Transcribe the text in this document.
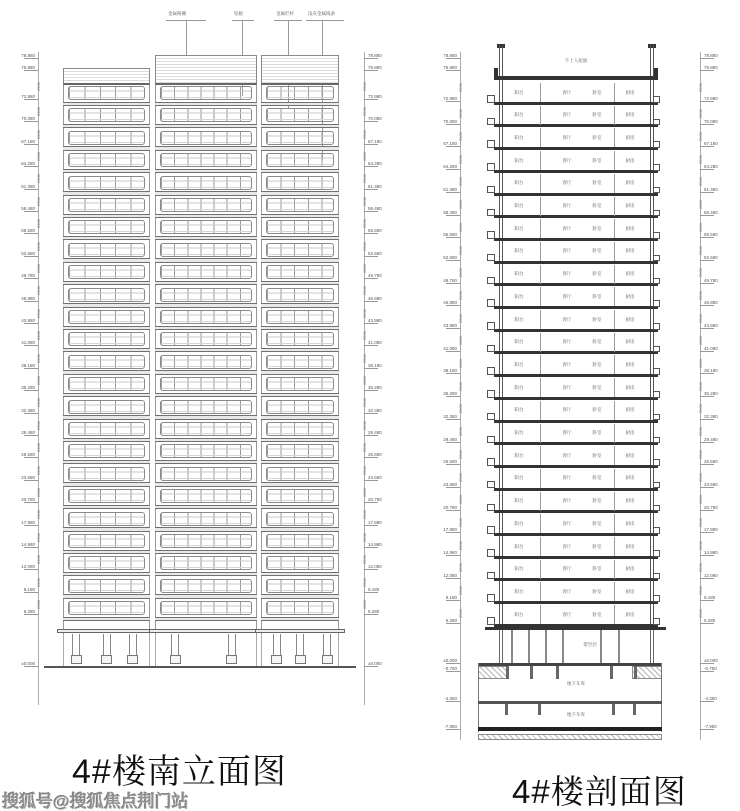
金属格栅	铝板	金属栏杆	浅灰金属线条
不上人屋面
架空层
地下车库
地下车库
4#楼南立面图
4#楼剖面图
搜狐号@搜狐焦点荆门站
阳台	客厅	卧室	厨房
阳台	客厅	卧室	厨房
阳台	客厅	卧室	厨房
阳台	客厅	卧室	厨房
阳台	客厅	卧室	厨房
阳台	客厅	卧室	厨房
阳台	客厅	卧室	厨房
阳台	客厅	卧室	厨房
阳台	客厅	卧室	厨房
阳台	客厅	卧室	厨房
阳台	客厅	卧室	厨房
阳台	客厅	卧室	厨房
阳台	客厅	卧室	厨房
阳台	客厅	卧室	厨房
阳台	客厅	卧室	厨房
阳台	客厅	卧室	厨房
阳台	客厅	卧室	厨房
阳台	客厅	卧室	厨房
阳台	客厅	卧室	厨房
阳台	客厅	卧室	厨房
阳台	客厅	卧室	厨房
阳台	客厅	卧室	厨房
阳台	客厅	卧室	厨房
阳台	客厅	卧室	厨房
78.880
75.880
2900
72.980
2900
70.080
2900
67.180
2900
64.280
2900
61.380
2900
58.480
2900
55.580
2900
52.680
2900
49.780
2900
46.880
2900
43.980
2900
41.080
2900
38.180
2900
35.280
2900
32.380
2900
29.480
2900
26.580
2900
23.680
2900
20.780
2900
17.880
2900
14.980
2900
12.080
2900
9.180
2900
6.280
±0.000
78.880
75.880
2900
72.980
2900
70.080
2900
67.180
2900
64.280
2900
61.380
2900
58.480
2900
55.580
2900
52.680
2900
49.780
2900
46.880
2900
43.980
2900
41.080
2900
38.180
2900
35.280
2900
32.380
2900
29.480
2900
26.580
2900
23.680
2900
20.780
2900
17.880
2900
14.980
2900
12.080
2900
9.180
2900
6.280
±0.000
78.880
75.880
2900
72.980
2900
70.080
2900
67.180
2900
64.280
2900
61.380
2900
58.480
2900
55.580
2900
52.680
2900
49.780
2900
46.880
2900
43.980
2900
41.080
2900
38.180
2900
35.280
2900
32.380
2900
29.480
2900
26.580
2900
23.680
2900
20.780
2900
17.880
2900
14.980
2900
12.080
2900
9.180
2900
6.280
±0.000
-0.750
-4.350
-7.950
78.880
75.880
2900
72.980
2900
70.080
2900
67.180
2900
64.280
2900
61.380
2900
58.480
2900
55.580
2900
52.680
2900
49.780
2900
46.880
2900
43.980
2900
41.080
2900
38.180
2900
35.280
2900
32.380
2900
29.480
2900
26.580
2900
23.680
2900
20.780
2900
17.880
2900
14.980
2900
12.080
2900
9.180
2900
6.280
±0.000
-0.750
-4.350
-7.950
